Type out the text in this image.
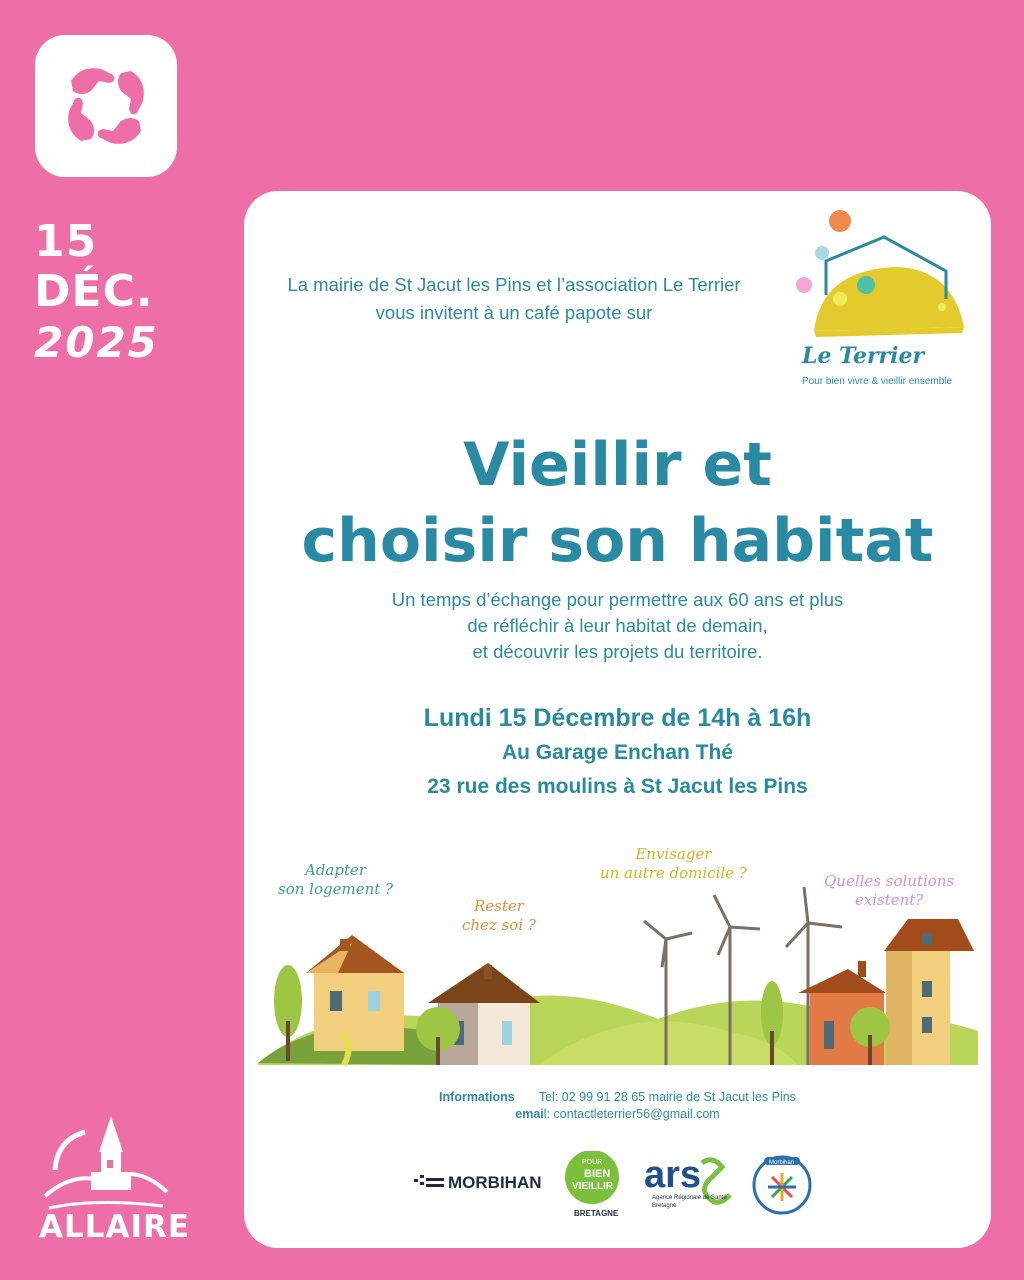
15
DÉC.
2025
La mairie de St Jacut les Pins et l’association Le Terrier vous invitent à un café papote sur
Le Terrier
Pour bien vivre & vieillir ensemble
Vieillir et
choisir son habitat
Un temps d’échange pour permettre aux 60 ans et plus
de réfléchir à leur habitat de demain,
et découvrir les projets du territoire.
Lundi 15 Décembre de 14h à 16h
Au Garage Enchan Thé
23 rue des moulins à St Jacut les Pins
Adapter
son logement ?
Rester
chez soi ?
Envisager
un autre domicile ?	Quelles solutions
existent?
Informations Tel: 02 99 91 28 65 mairie de St Jacut les Pins
email: contactleterrier56@gmail.com
MORBIHAN
POUR
BIEN
VIEILLIR
BRETAGNE
ars
Agence Régionale de Santé
Bretagne
Morbihan
ALLAIRE
